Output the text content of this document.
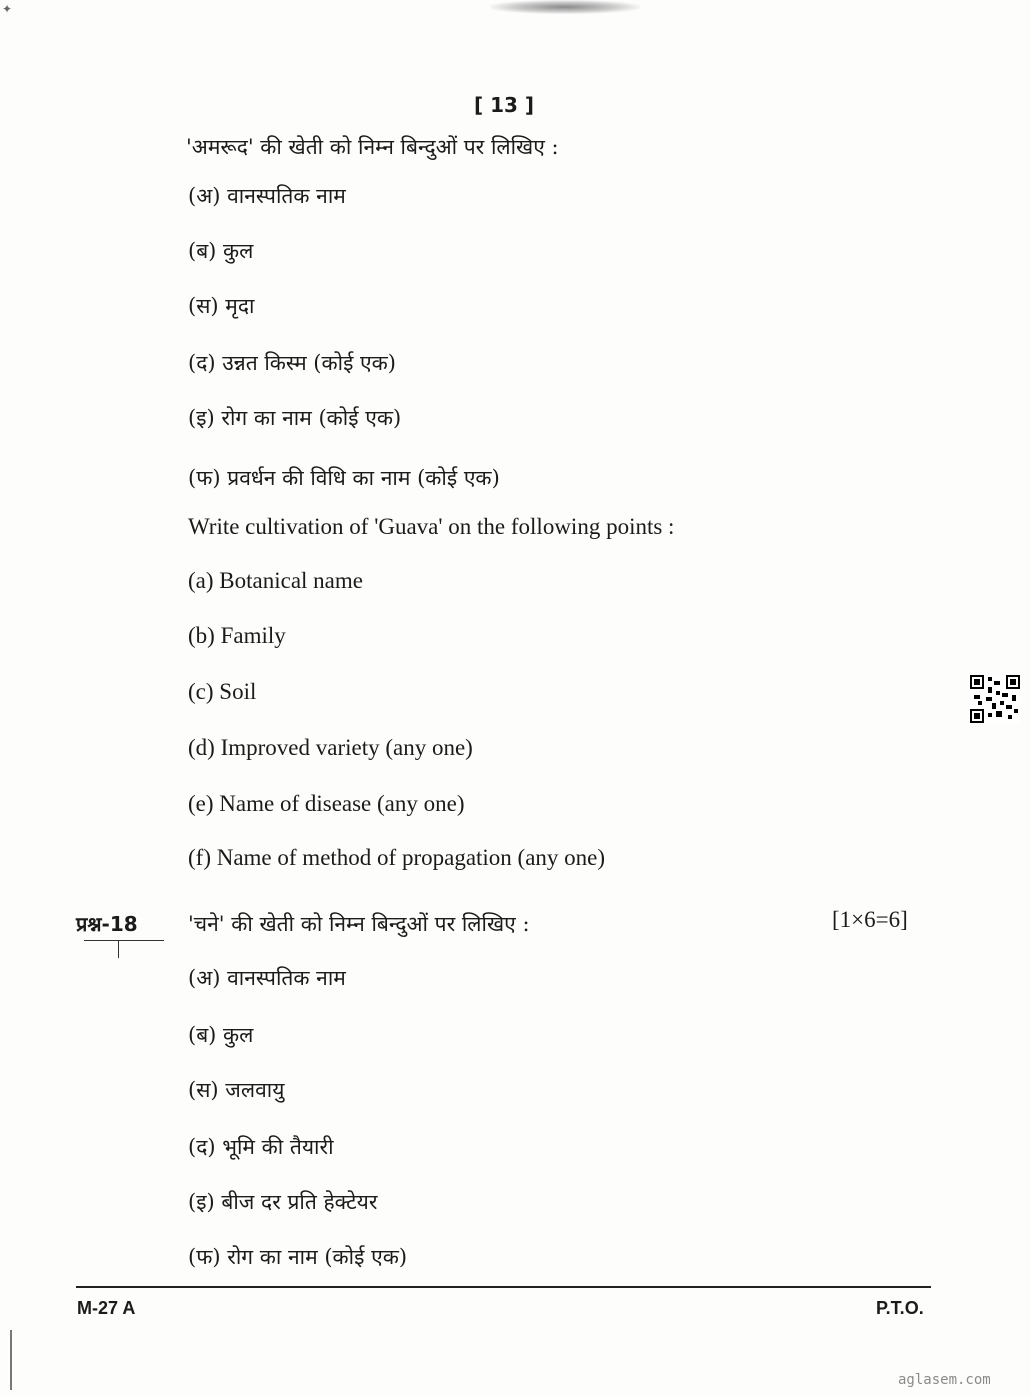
✦
[ 13 ]
'अमरूद' की खेती को निम्न बिन्दुओं पर लिखिए :
(अ) वानस्पतिक नाम
(ब) कुल
(स) मृदा
(द) उन्नत किस्म (कोई एक)
(इ) रोग का नाम (कोई एक)
(फ) प्रवर्धन की विधि का नाम (कोई एक)
Write cultivation of 'Guava' on the following points :
(a) Botanical name
(b) Family
(c) Soil
(d) Improved variety (any one)
(e) Name of disease (any one)
(f) Name of method of propagation (any one)
प्रश्न-18 'चने' की खेती को निम्न बिन्दुओं पर लिखिए :	[1×6=6]
(अ) वानस्पतिक नाम
(ब) कुल
(स) जलवायु
(द) भूमि की तैयारी
(इ) बीज दर प्रति हेक्टेयर
(फ) रोग का नाम (कोई एक)
M-27 A	P.T.O.
aglasem.com
